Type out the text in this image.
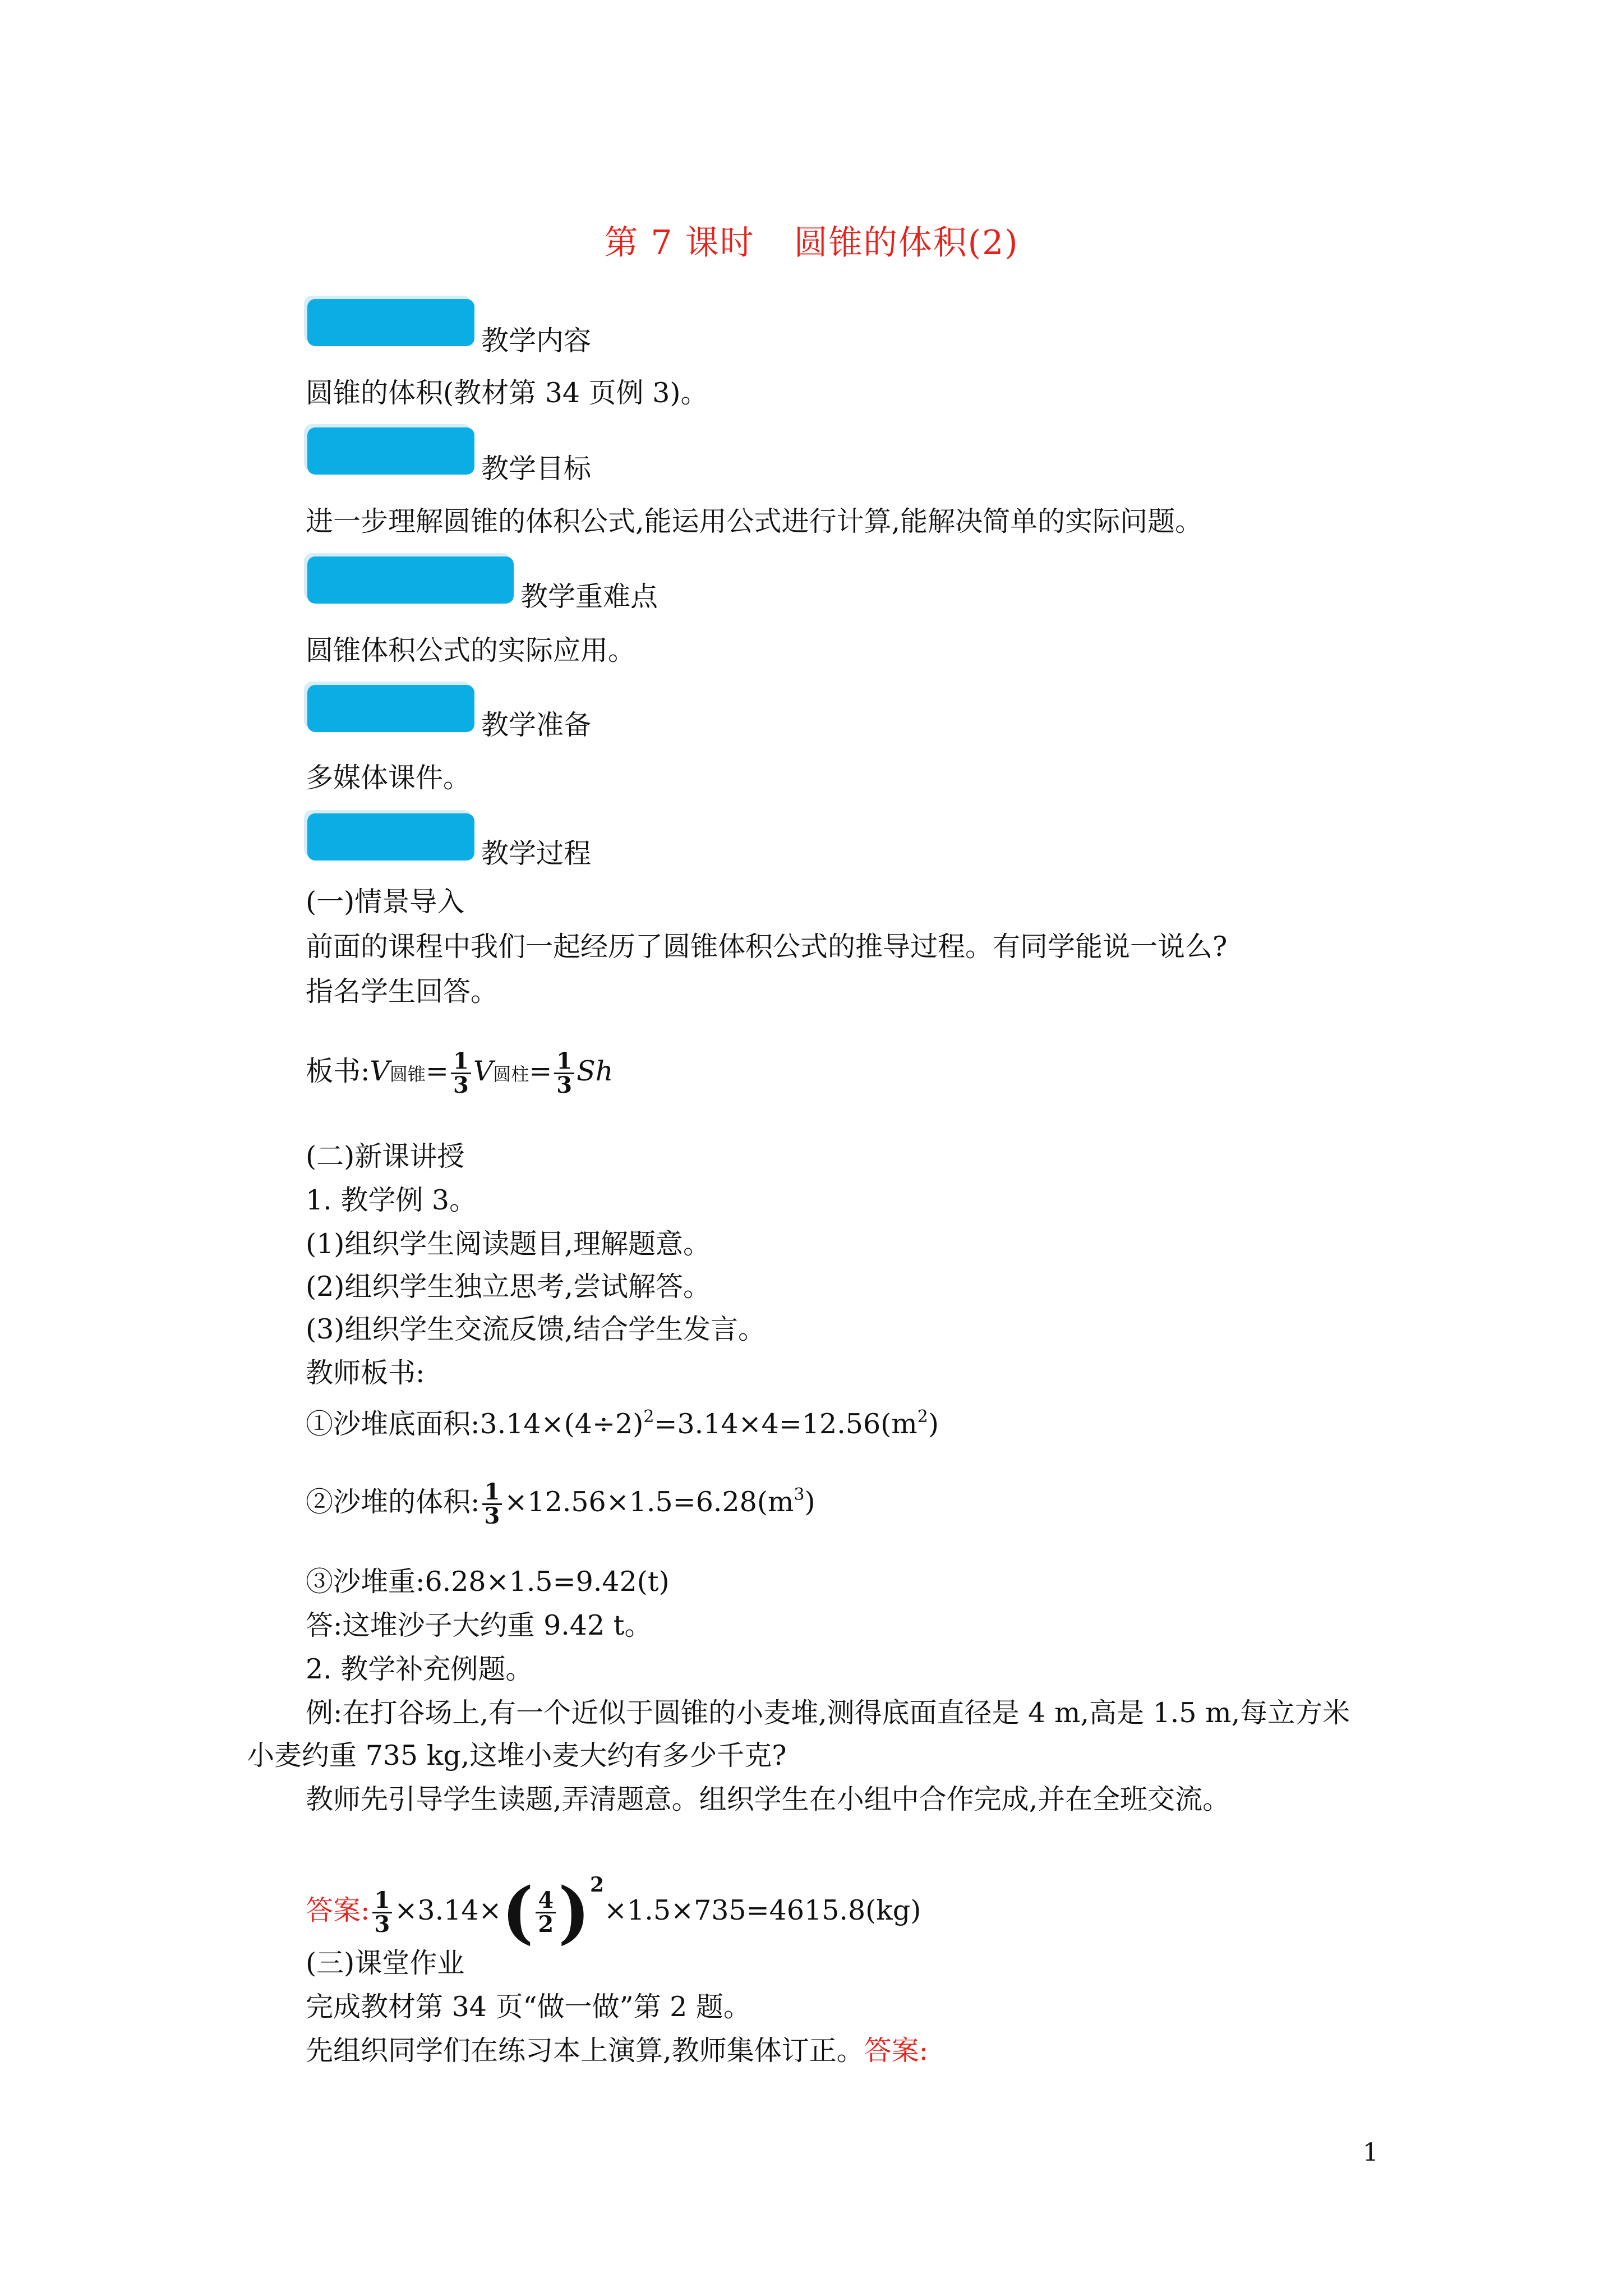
第 7 课时 圆锥的体积(2)
教学内容
圆锥的体积(教材第 34 页例 3)。
教学目标
进一步理解圆锥的体积公式,能运用公式进行计算,能解决简单的实际问题。
教学重难点
圆锥体积公式的实际应用。
教学准备
多媒体课件。
教学过程
(一)情景导入
前面的课程中我们一起经历了圆锥体积公式的推导过程。有同学能说一说么?
指名学生回答。
板书:V圆锥= $\frac{1}{3}$ V圆柱= $\frac{1}{3}$ Sh
(二)新课讲授
1. 教学例 3。
(1)组织学生阅读题目,理解题意。
(2)组织学生独立思考,尝试解答。
(3)组织学生交流反馈,结合学生发言。
教师板书:
①沙堆底面积$:3.14\times(4\div 2)^2=3.14\times 4=12.56(m^2)$
②沙堆的体积: $\frac{1}{3} \times 12.56\times 1.5=6.28(m^3)$
③沙堆重:6.28×1.5=9.42(t)
答:这堆沙子大约重 9.42 t。
2. 教学补充例题。
例:在打谷场上,有一个近似于圆锥的小麦堆,测得底面直径是 4 m,高是 1.5 m,每立方米
小麦约重 735 kg,这堆小麦大约有多少千克?
教师先引导学生读题,弄清题意。组织学生在小组中合作完成,并在全班交流。
答案: $\frac{1}{3} \times 3.14\times( \frac{4}{2} )^2\times 1.5\times 735=4615.8(kg)$
(三)课堂作业
完成教材第 34 页“做一做”第 2 题。
先组织同学们在练习本上演算,教师集体订正。答案:
1
